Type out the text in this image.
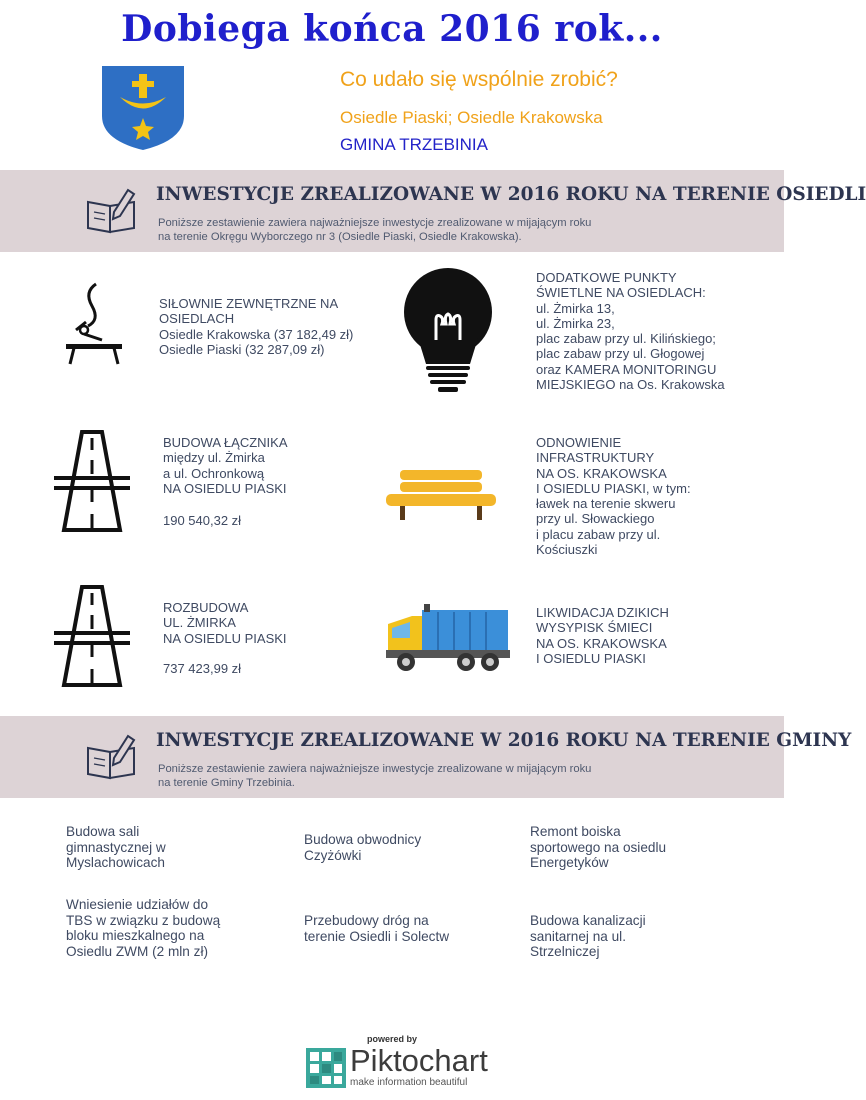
Dobiega końca 2016 rok...
Co udało się wspólnie zrobić?
Osiedle Piaski; Osiedle Krakowska
GMINA TRZEBINIA
INWESTYCJE ZREALIZOWANE W 2016 ROKU NA TERENIE OSIEDLI
Poniższe zestawienie zawiera najważniejsze inwestycje zrealizowane w mijającym roku
na terenie Okręgu Wyborczego nr 3 (Osiedle Piaski, Osiedle Krakowska).
SIŁOWNIE ZEWNĘTRZNE NA
OSIEDLACH
Osiedle Krakowska (37 182,49 zł)
Osiedle Piaski (32 287,09 zł)
DODATKOWE PUNKTY
ŚWIETLNE NA OSIEDLACH:
ul. Żmirka 13,
ul. Żmirka 23,
plac zabaw przy ul. Kilińskiego;
plac zabaw przy ul. Głogowej
oraz KAMERA MONITORINGU
MIEJSKIEGO na Os. Krakowska
BUDOWA ŁĄCZNIKA
między ul. Żmirka
a ul. Ochronkową
NA OSIEDLU PIASKI
190 540,32 zł
ODNOWIENIE
INFRASTRUKTURY
NA OS. KRAKOWSKA
I OSIEDLU PIASKI, w tym:
ławek na terenie skweru
przy ul. Słowackiego
i placu zabaw przy ul.
Kościuszki
ROZBUDOWA
UL. ŻMIRKA
NA OSIEDLU PIASKI
737 423,99 zł
LIKWIDACJA DZIKICH
WYSYPISK ŚMIECI
NA OS. KRAKOWSKA
I OSIEDLU PIASKI
INWESTYCJE ZREALIZOWANE W 2016 ROKU NA TERENIE GMINY
Poniższe zestawienie zawiera najważniejsze inwestycje zrealizowane w mijającym roku
na terenie Gminy Trzebinia.
Budowa sali
gimnastycznej w
Myslachowicach
Budowa obwodnicy
Czyżówki
Remont boiska
sportowego na osiedlu
Energetyków
Wniesienie udziałów do
TBS w związku z budową
bloku mieszkalnego na
Osiedlu ZWM (2 mln zł)
Przebudowy dróg na
terenie Osiedli i Solectw
Budowa kanalizacji
sanitarnej na ul.
Strzelniczej
powered by
Piktochart
make information beautiful
